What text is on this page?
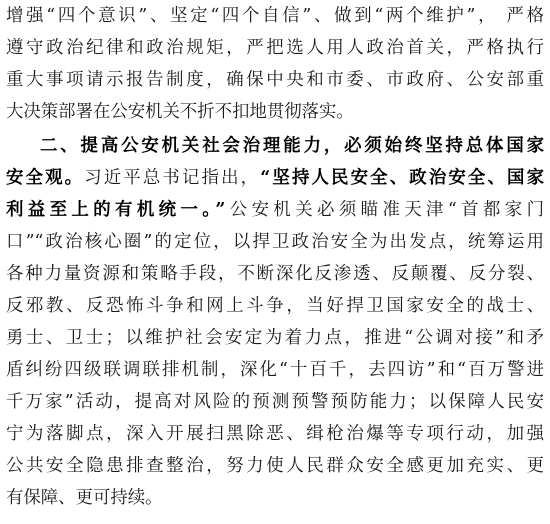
增强“四个意识”、坚定“四个自信”、做到“两个维护”， 严格
遵守政治纪律和政治规矩，严把选人用人政治首关，严格执行
重大事项请示报告制度，确保中央和市委、市政府、公安部重
大决策部署在公安机关不折不扣地贯彻落实。
二、提高公安机关社会治理能力，必须始终坚持总体国家
安全观。习近平总书记指出，“坚持人民安全、政治安全、国家
利益至上的有机统一。”公安机关必须瞄准天津“首都家门
口”“政治核心圈”的定位，以捍卫政治安全为出发点，统筹运用
各种力量资源和策略手段，不断深化反渗透、反颠覆、反分裂、
反邪教、反恐怖斗争和网上斗争，当好捍卫国家安全的战士、
勇士、卫士；以维护社会安定为着力点，推进“公调对接”和矛
盾纠纷四级联调联排机制，深化“十百千，去四访”和“百万警进
千万家”活动，提高对风险的预测预警预防能力；以保障人民安
宁为落脚点，深入开展扫黑除恶、缉枪治爆等专项行动，加强
公共安全隐患排查整治，努力使人民群众安全感更加充实、更
有保障、更可持续。
